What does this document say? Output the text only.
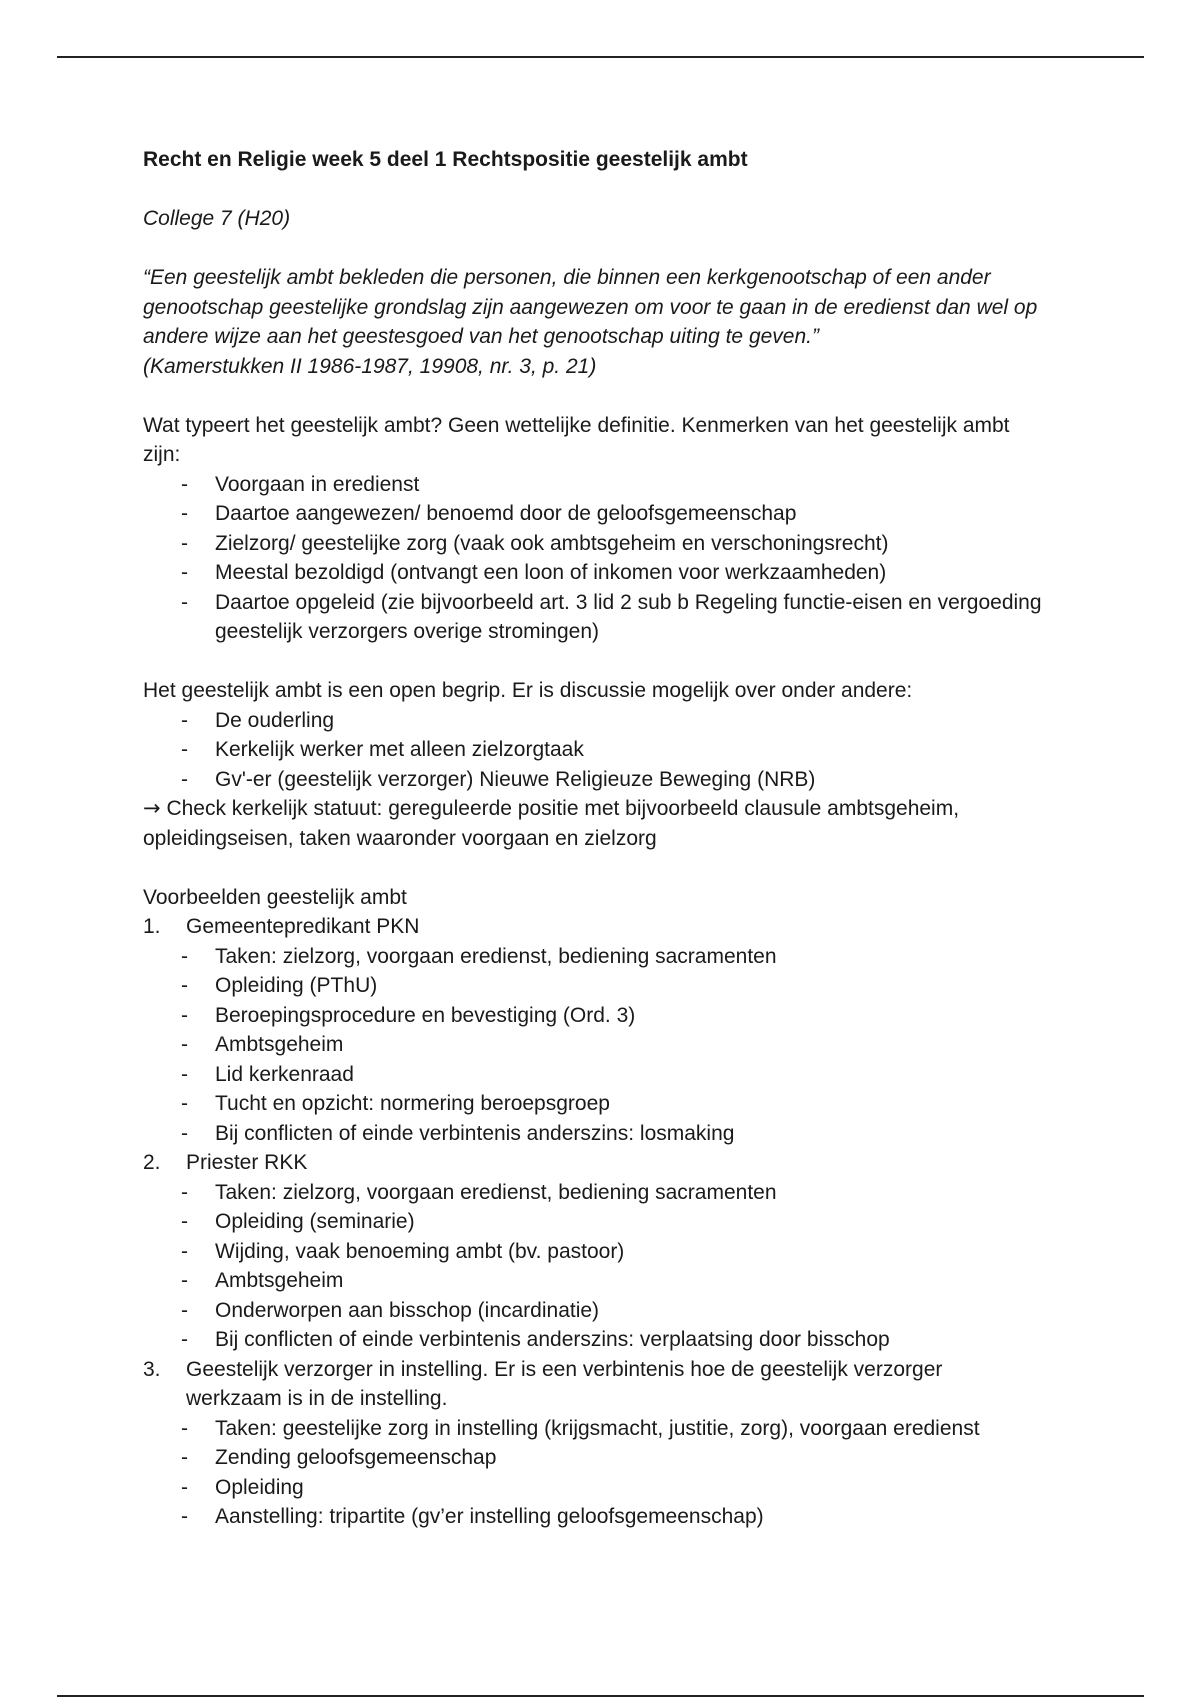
Recht en Religie week 5 deel 1 Rechtspositie geestelijk ambt

College 7 (H20)

“Een geestelijk ambt bekleden die personen, die binnen een kerkgenootschap of een ander genootschap geestelijke grondslag zijn aangewezen om voor te gaan in de eredienst dan wel op andere wijze aan het geestesgoed van het genootschap uiting te geven.”

(Kamerstukken II 1986-1987, 19908, nr. 3, p. 21)

Wat typeert het geestelijk ambt? Geen wettelijke definitie. Kenmerken van het geestelijk ambt zijn:

- Voorgaan in eredienst
- Daartoe aangewezen/ benoemd door de geloofsgemeenschap
- Zielzorg/ geestelijke zorg (vaak ook ambtsgeheim en verschoningsrecht)
- Meestal bezoldigd (ontvangt een loon of inkomen voor werkzaamheden)
- Daartoe opgeleid (zie bijvoorbeeld art. 3 lid 2 sub b Regeling functie-eisen en vergoeding geestelijk verzorgers overige stromingen)

Het geestelijk ambt is een open begrip. Er is discussie mogelijk over onder andere:

- De ouderling
- Kerkelijk werker met alleen zielzorgtaak
- Gv'-er (geestelijk verzorger) Nieuwe Religieuze Beweging (NRB)

→ Check kerkelijk statuut: gereguleerde positie met bijvoorbeeld clausule ambtsgeheim, opleidingseisen, taken waaronder voorgaan en zielzorg

Voorbeelden geestelijk ambt

1. Gemeentepredikant PKN
- Taken: zielzorg, voorgaan eredienst, bediening sacramenten
- Opleiding (PThU)
- Beroepingsprocedure en bevestiging (Ord. 3)
- Ambtsgeheim
- Lid kerkenraad
- Tucht en opzicht: normering beroepsgroep
- Bij conflicten of einde verbintenis anderszins: losmaking
2. Priester RKK
- Taken: zielzorg, voorgaan eredienst, bediening sacramenten
- Opleiding (seminarie)
- Wijding, vaak benoeming ambt (bv. pastoor)
- Ambtsgeheim
- Onderworpen aan bisschop (incardinatie)
- Bij conflicten of einde verbintenis anderszins: verplaatsing door bisschop
3. Geestelijk verzorger in instelling. Er is een verbintenis hoe de geestelijk verzorger werkzaam is in de instelling.
- Taken: geestelijke zorg in instelling (krijgsmacht, justitie, zorg), voorgaan eredienst
- Zending geloofsgemeenschap
- Opleiding
- Aanstelling: tripartite (gv’er instelling geloofsgemeenschap)
